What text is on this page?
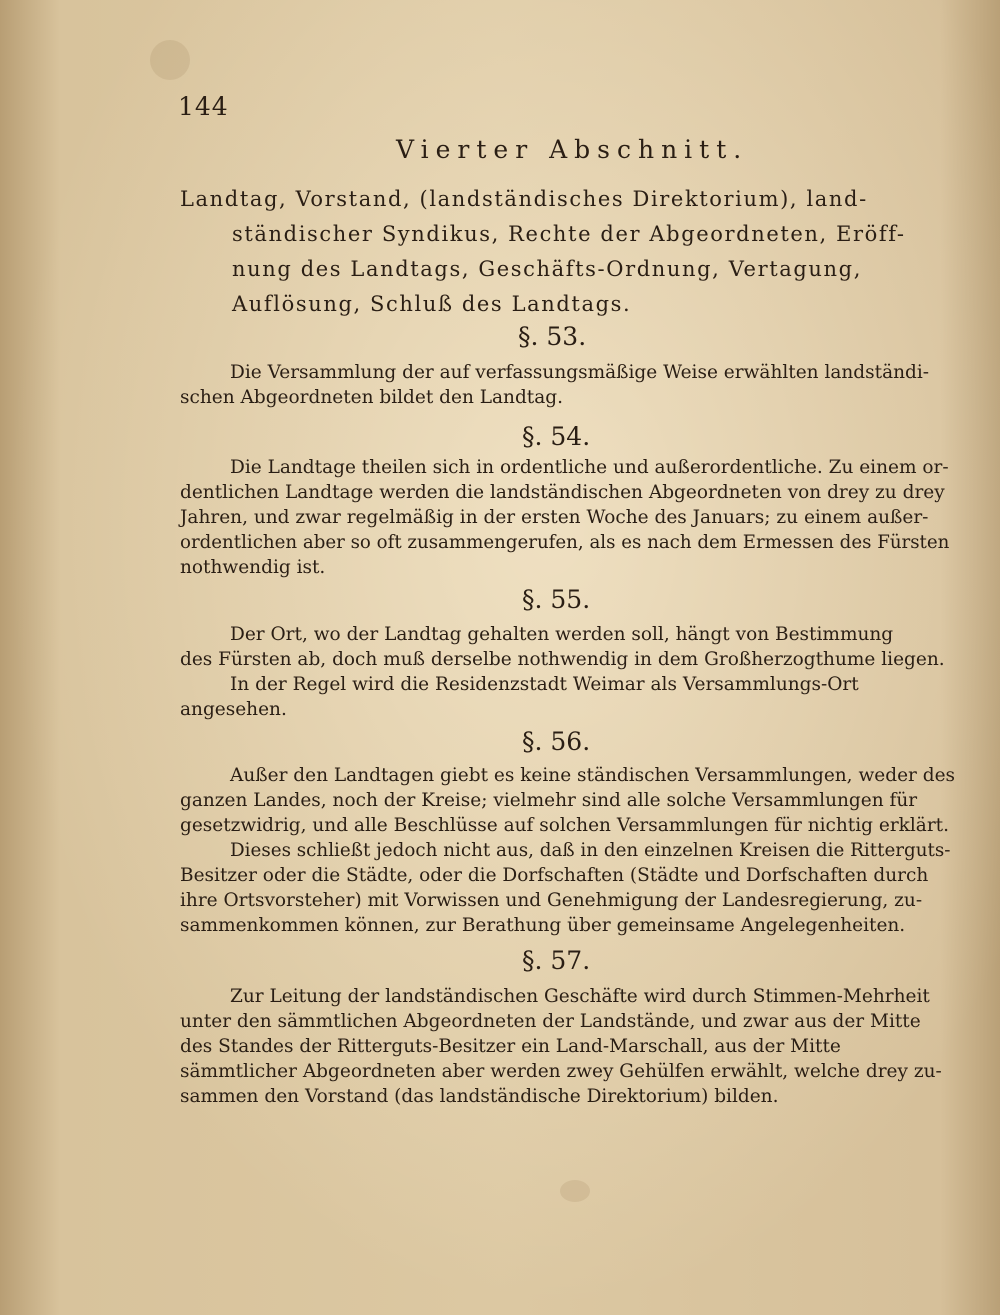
144
Vierter Abschnitt.
Landtag, Vorstand, (landständisches Direktorium), land-
ständischer Syndikus, Rechte der Abgeordneten, Eröff-
nung des Landtags, Geschäfts-Ordnung, Vertagung,
Auflösung, Schluß des Landtags.
§. 53.
Die Versammlung der auf verfassungsmäßige Weise erwählten landständi-
schen Abgeordneten bildet den Landtag.
§. 54.
Die Landtage theilen sich in ordentliche und außerordentliche. Zu einem or-
dentlichen Landtage werden die landständischen Abgeordneten von drey zu drey
Jahren, und zwar regelmäßig in der ersten Woche des Januars; zu einem außer-
ordentlichen aber so oft zusammengerufen, als es nach dem Ermessen des Fürsten
nothwendig ist.
§. 55.
Der Ort, wo der Landtag gehalten werden soll, hängt von Bestimmung
des Fürsten ab, doch muß derselbe nothwendig in dem Großherzogthume liegen.
In der Regel wird die Residenzstadt Weimar als Versammlungs-Ort
angesehen.
§. 56.
Außer den Landtagen giebt es keine ständischen Versammlungen, weder des
ganzen Landes, noch der Kreise; vielmehr sind alle solche Versammlungen für
gesetzwidrig, und alle Beschlüsse auf solchen Versammlungen für nichtig erklärt.
Dieses schließt jedoch nicht aus, daß in den einzelnen Kreisen die Ritterguts-
Besitzer oder die Städte, oder die Dorfschaften (Städte und Dorfschaften durch
ihre Ortsvorsteher) mit Vorwissen und Genehmigung der Landesregierung, zu-
sammenkommen können, zur Berathung über gemeinsame Angelegenheiten.
§. 57.
Zur Leitung der landständischen Geschäfte wird durch Stimmen-Mehrheit
unter den sämmtlichen Abgeordneten der Landstände, und zwar aus der Mitte
des Standes der Ritterguts-Besitzer ein Land-Marschall, aus der Mitte
sämmtlicher Abgeordneten aber werden zwey Gehülfen erwählt, welche drey zu-
sammen den Vorstand (das landständische Direktorium) bilden.
